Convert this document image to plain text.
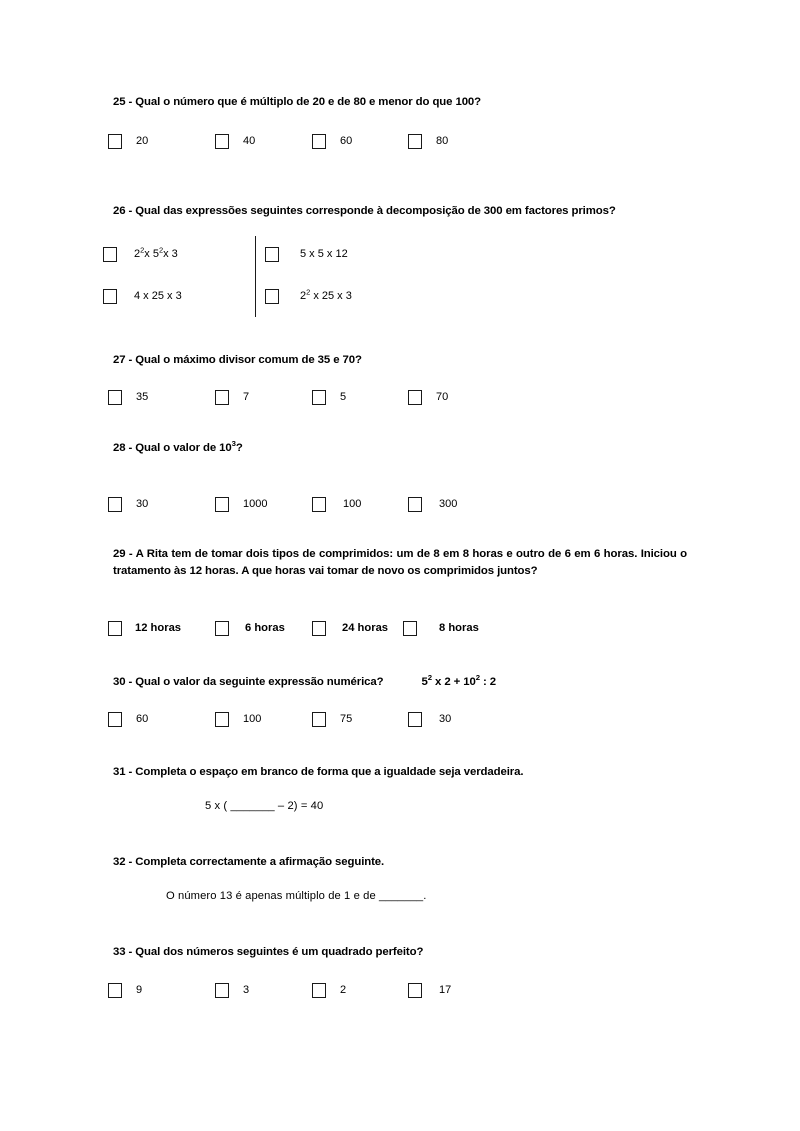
25 - Qual o número que é múltiplo de 20 e de 80 e menor do que 100?

20	40	60	80

26 - Qual das expressões seguintes corresponde à decomposição de 300 em factores primos?

$2^2x$ $5^2x$ 3
4 x 25 x 3
5 x 5 x 12
$2^2$ x 25 x 3

27 - Qual o máximo divisor comum de 35 e 70?

35	7	5	70

28 - Qual o valor de $10^3$?

30	1000	100	300

29 - A Rita tem de tomar dois tipos de comprimidos: um de 8 em 8 horas e outro de 6 em 6 horas. Iniciou o tratamento às 12 horas. A que horas vai tomar de novo os comprimidos juntos?

12 horas	6 horas	24 horas	8 horas

30 - Qual o valor da seguinte expressão numérica?	$5^2$ x $2 + 10^2$ : 2

60	100	75	30

31 - Completa o espaço em branco de forma que a igualdade seja verdadeira.

5 x ( _______ – 2) = 40

32 - Completa correctamente a afirmação seguinte.

O número 13 é apenas múltiplo de 1 e de _______.

33 - Qual dos números seguintes é um quadrado perfeito?

9	3	2	17
